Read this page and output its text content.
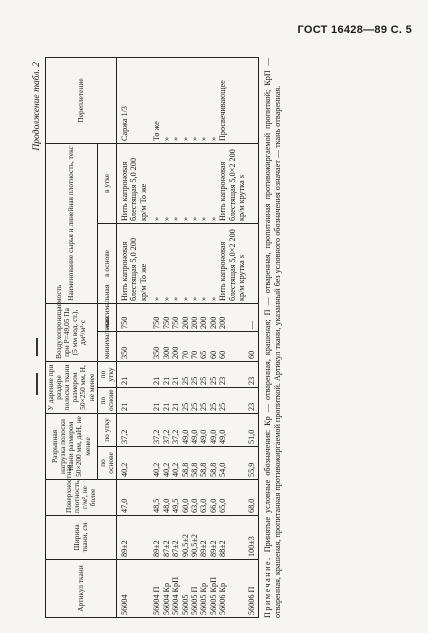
ГОСТ 16428—89 С. 5
Продолжение табл. 2
Артикул ткани	Ширина ткани, см	Поверхностная плотность, г/м², не более	Разрывная нагрузка полоски ткани размером 50×200 мм, даН, не менее		У дарение при раздире полоски ткани размером 50×250 мм, Н, не менее		Воздухопроницаемость при Р=49,05 Па (5 мм вод. ст.), дм³/м²·с		Наименование сырья и линейная плотность, текс		Переплетение
			по основе	по утку	по основе	по утку	минимальная	максимальная	в основе	в утке	
56004	89±2	47,0	40,2	37,2	21	21	350	750	Нить капроновая блестящая 5,0 200 кр/м То же	Нить капроновая блестящая 5,0 200 кр/м То же	Саржа 1/3
56004 П	89±2	48,5	40,2	37,2	21	21	350	750	»	»	То же
56004 Кр	87±2	48,0	40,2	37,2	21	21	300	750	»	»	»
56004 КрП	87±2	49,5	40,2	37,2	21	21	200	750	»	»	»
56005	90,5±2	60,0	58,8	49,0	25	25	70	200	»	»	»
56005 П	90,5±2	63,0	58,8	49,0	25	25	70	200	»	»	»
56005 Кр	89±2	63,0	58,8	49,0	25	25	65	200	»	»	»
56005 КрП	89±2	66,0	58,8	49,0	25	25	60	200	»	»	»
56006 Кр	88±2	65,0	54,0	49,0	25	23	60	200	Нить капроновая блестящая 5,0×2 200 кр/м крутка s	Нить капроновая блестящая 5,0×2 200 кр/м крутка s	Просвечивающее
56006 П	100±3	68,0	55,9	51,0	23	23	60	—			
Примечание. Принятые условные обозначения: Кр — отваренная, крашеная; П — отваренная, пропитанная противожиргаемой пропиткой; КрП — отваренная, крашеная, пропитанная противожиргаемой пропиткой. Артикул ткани, указанный без условного обозначения означает — ткань отваренная.
